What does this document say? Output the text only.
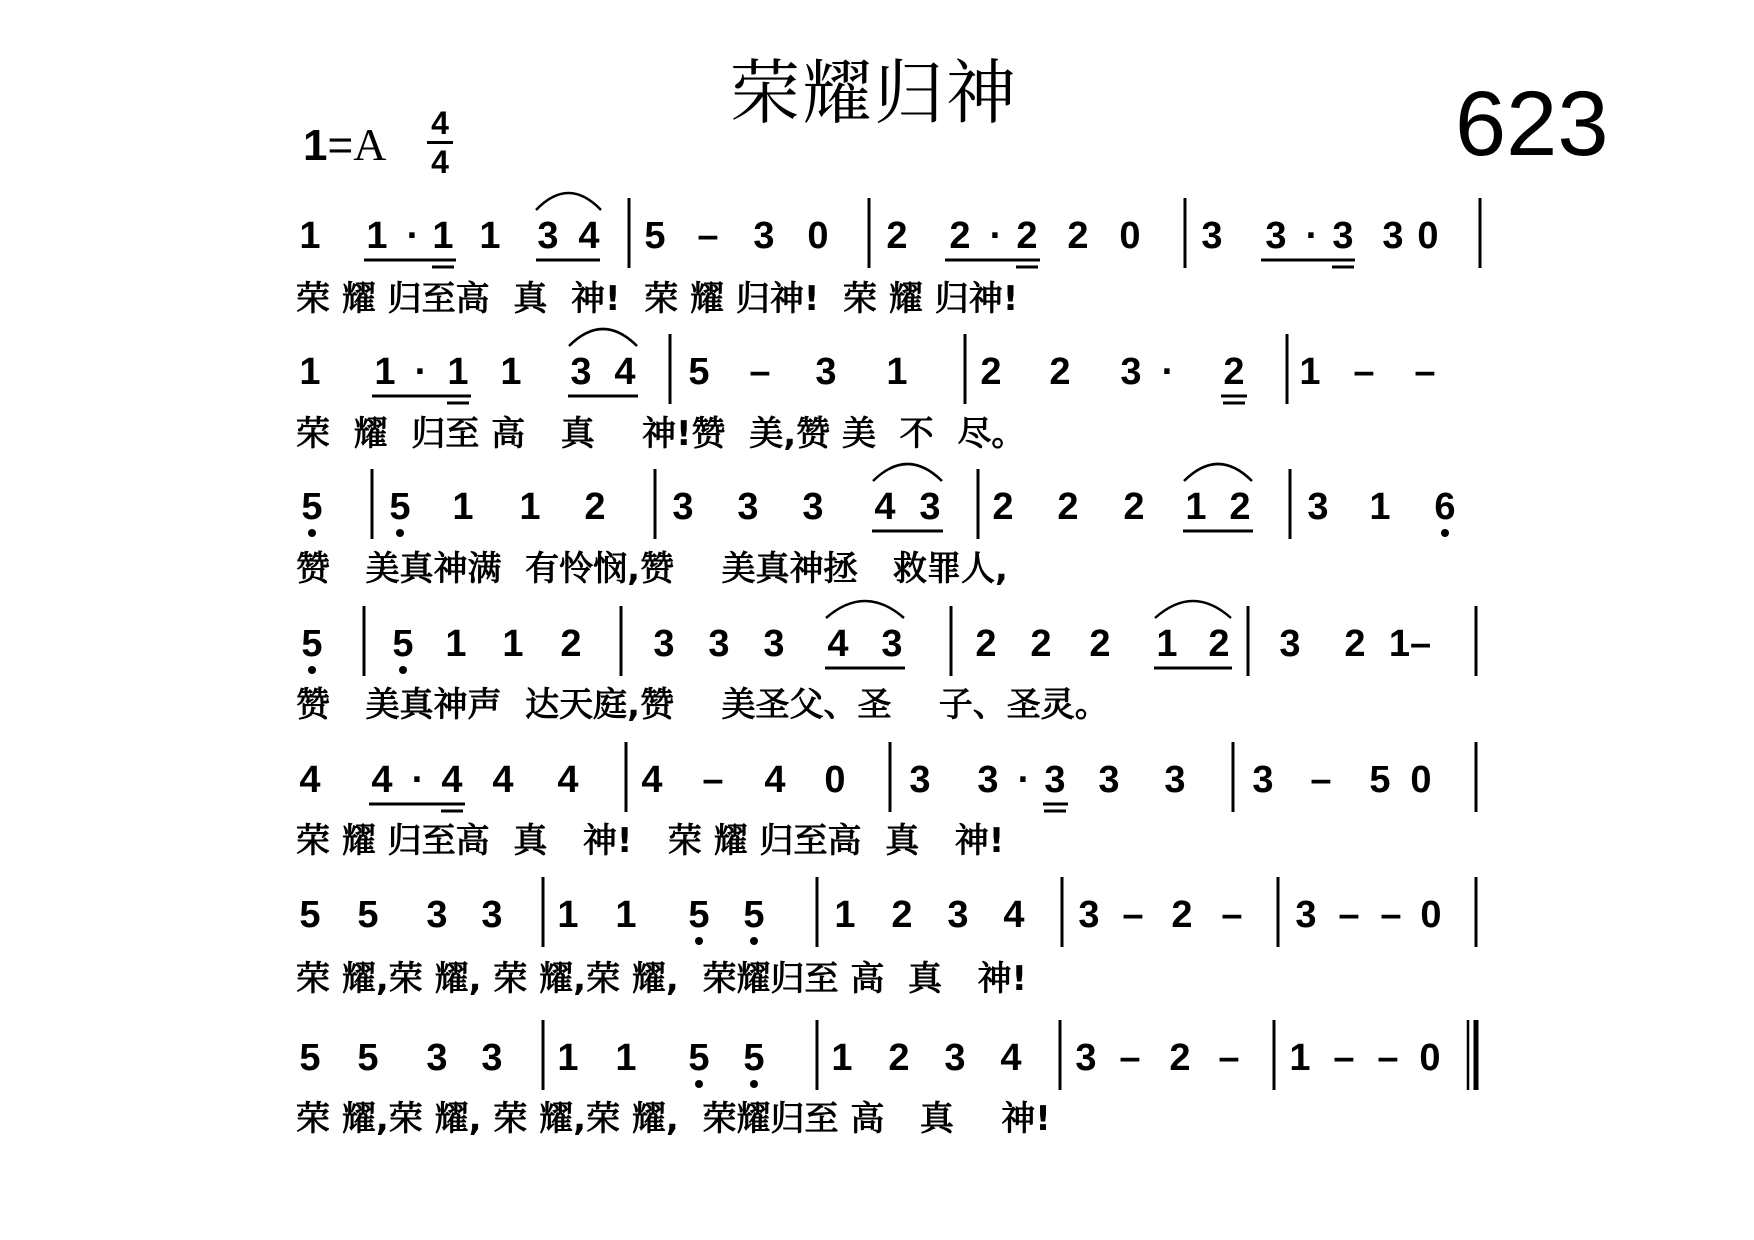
荣耀归神	623
1=A 4
4
1 1 · 1 1 3 4 5 – 3 0 2 2 · 2 2 0 3 3 · 3 3 0
荣 耀 归至高  真  神!  荣 耀 归神!  荣 耀 归神!
1 1 · 1 1 3 4 5 – 3 1 2 2 3 · 2 1 – –
荣  耀  归至 高   真    神!赞  美,赞 美  不  尽。
5 5 1 1 2 3 3 3 4 3 2 2 2 1 2 3 1 6
赞   美真神满  有怜悯,赞    美真神拯   救罪人,
5 5 1 1 2 3 3 3 4 3 2 2 2 1 2 3 2 1–
赞   美真神声  达天庭,赞    美圣父、圣    子、圣灵。
4 4 · 4 4 4 4 – 4 0 3 3 · 3 3 3 3 – 5 0
荣 耀 归至高  真   神!   荣 耀 归至高  真   神!
5 5 3 3 1 1 5 5 1 2 3 4 3 – 2 – 3 – – 0
荣 耀,荣 耀, 荣 耀,荣 耀,  荣耀归至 高  真   神!
5 5 3 3 1 1 5 5 1 2 3 4 3 – 2 – 1 – – 0
荣 耀,荣 耀, 荣 耀,荣 耀,  荣耀归至 高   真    神!
